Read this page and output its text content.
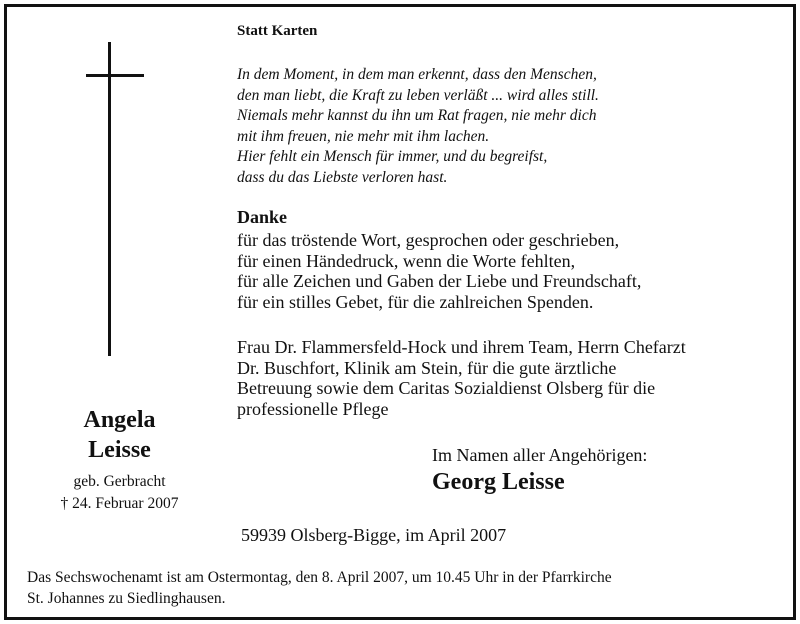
Statt Karten
In dem Moment, in dem man erkennt, dass den Menschen,
den man liebt, die Kraft zu leben verläßt ... wird alles still.
Niemals mehr kannst du ihn um Rat fragen, nie mehr dich
mit ihm freuen, nie mehr mit ihm lachen.
Hier fehlt ein Mensch für immer, und du begreifst,
dass du das Liebste verloren hast.
Danke
für das tröstende Wort, gesprochen oder geschrieben,
für einen Händedruck, wenn die Worte fehlten,
für alle Zeichen und Gaben der Liebe und Freundschaft,
für ein stilles Gebet, für die zahlreichen Spenden.
Frau Dr. Flammersfeld-Hock und ihrem Team, Herrn Chefarzt
Dr. Buschfort, Klinik am Stein, für die gute ärztliche
Betreuung sowie dem Caritas Sozialdienst Olsberg für die
professionelle Pflege
Angela
Leisse
geb. Gerbracht
† 24. Februar 2007
Im Namen aller Angehörigen:
Georg Leisse
59939 Olsberg-Bigge, im April 2007
Das Sechswochenamt ist am Ostermontag, den 8. April 2007, um 10.45 Uhr in der Pfarrkirche
St. Johannes zu Siedlinghausen.
